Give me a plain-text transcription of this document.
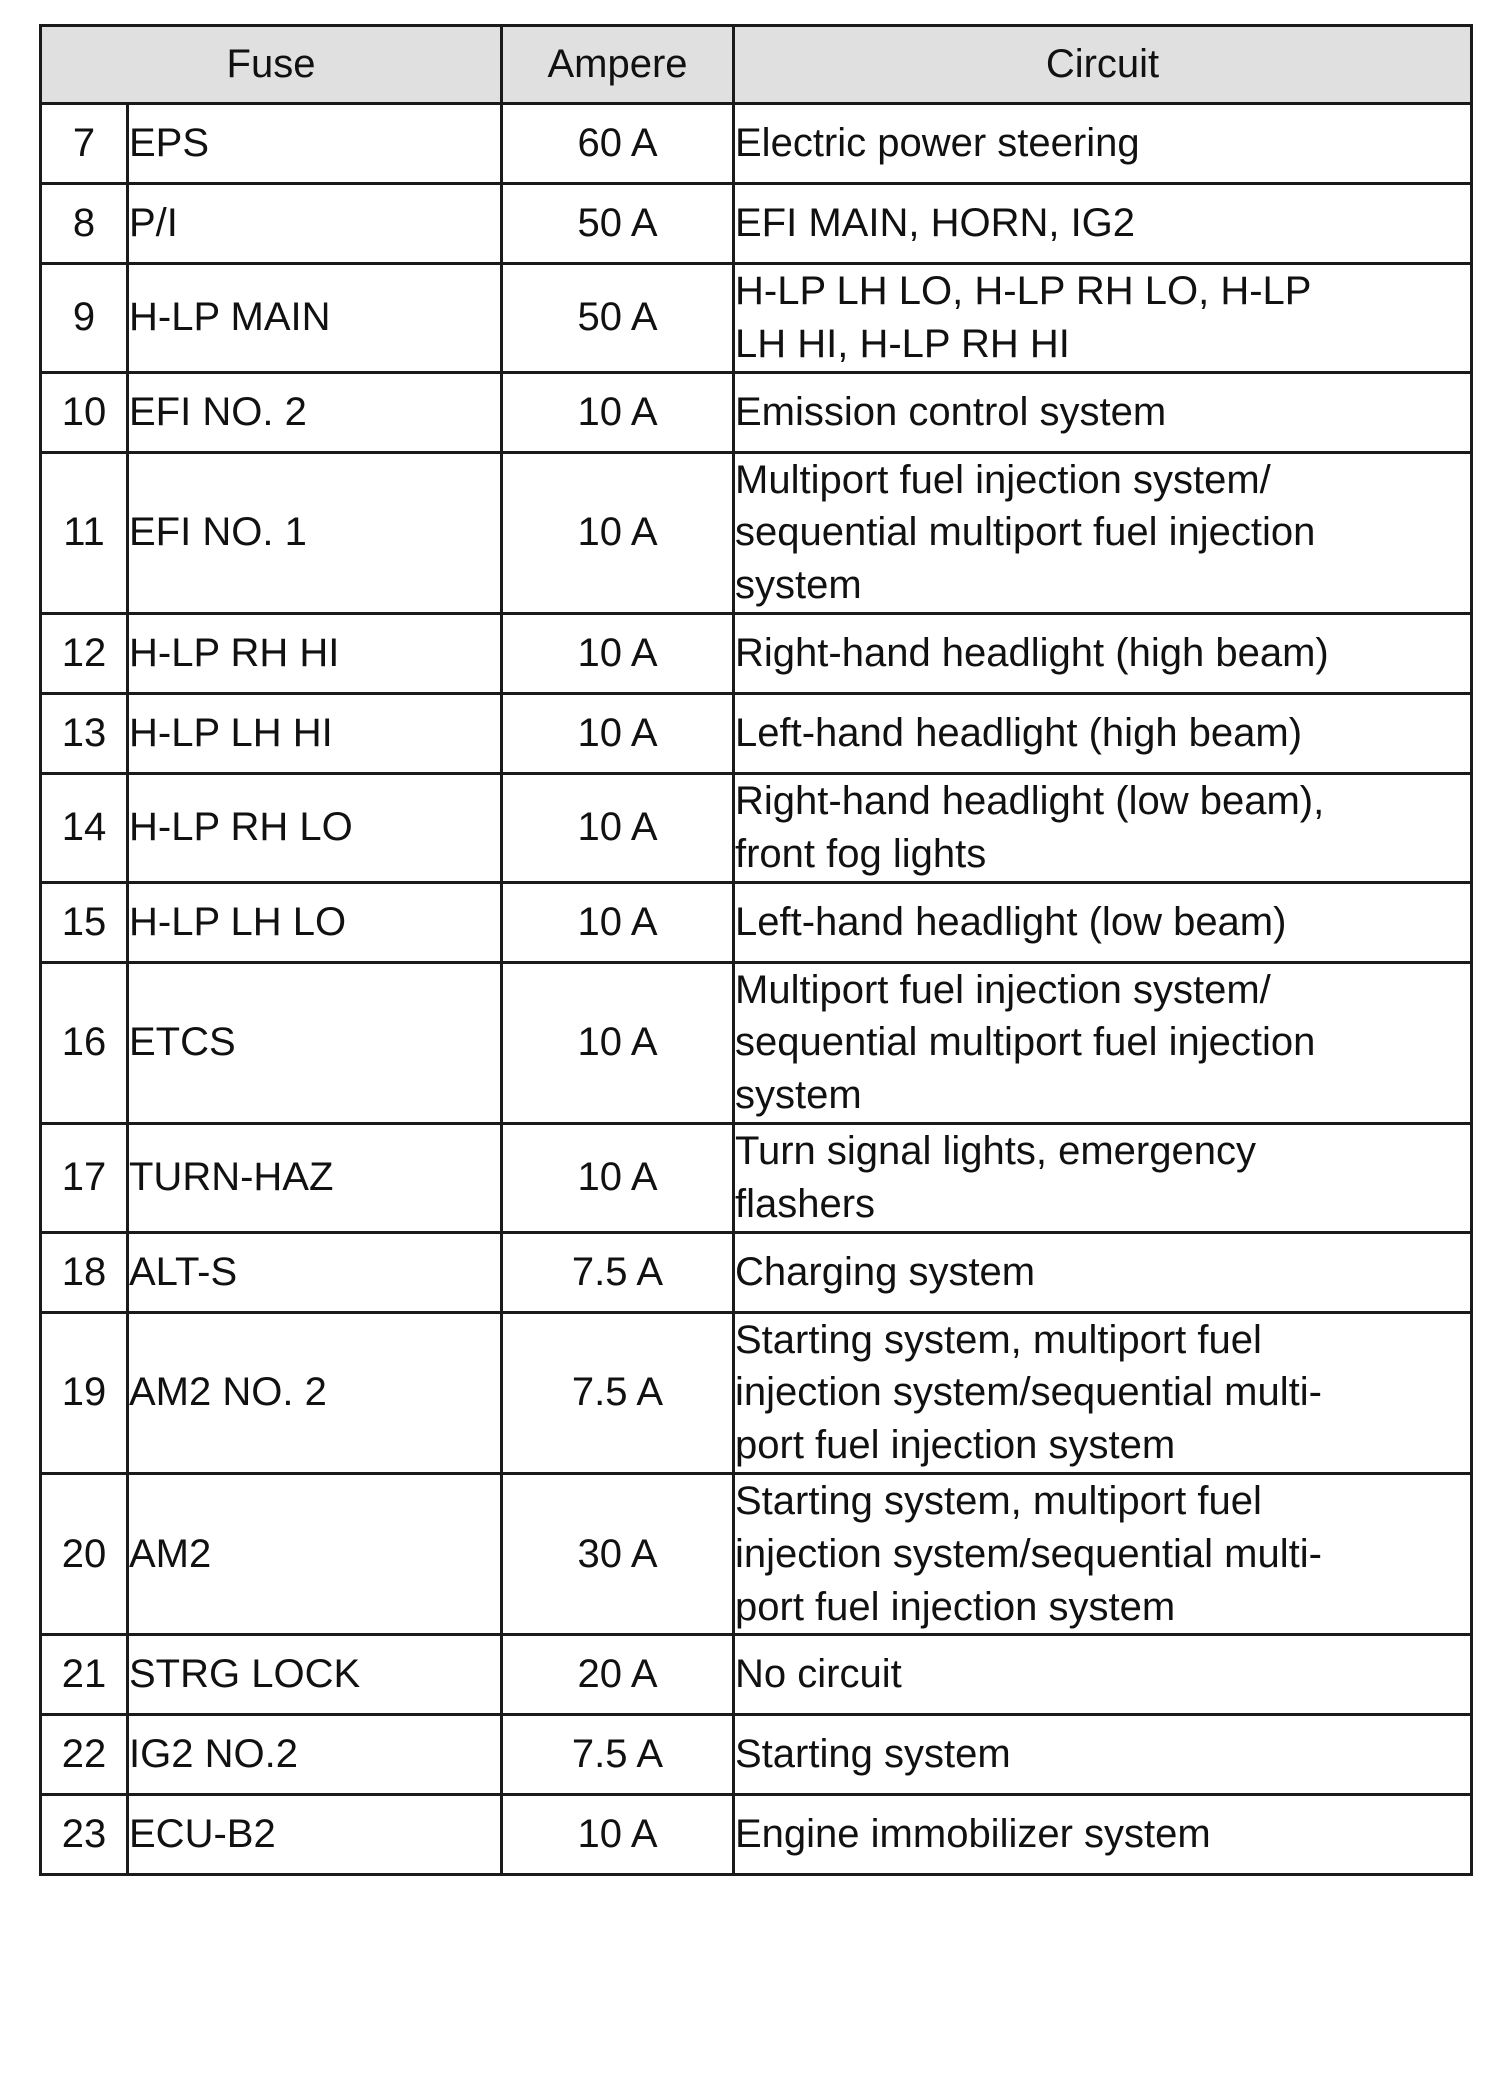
Fuse		Ampere	Circuit
7	EPS	60 A	Electric power steering

8	P/I	50 A	EFI MAIN, HORN, IG2

9	H-LP MAIN	50 A	H-LP LH LO, H-LP RH LO, H-LP
LH HI, H-LP RH HI

10	EFI NO. 2	10 A	Emission control system

11	EFI NO. 1	10 A	Multiport fuel injection system/
sequential multiport fuel injection
system

12	H-LP RH HI	10 A	Right-hand headlight (high beam)

13	H-LP LH HI	10 A	Left-hand headlight (high beam)

14	H-LP RH LO	10 A	Right-hand headlight (low beam),
front fog lights

15	H-LP LH LO	10 A	Left-hand headlight (low beam)

16	ETCS	10 A	Multiport fuel injection system/
sequential multiport fuel injection
system

17	TURN-HAZ	10 A	Turn signal lights, emergency
flashers

18	ALT-S	7.5 A	Charging system

19	AM2 NO. 2	7.5 A	Starting system, multiport fuel
injection system/sequential multi-
port fuel injection system

20	AM2	30 A	Starting system, multiport fuel
injection system/sequential multi-
port fuel injection system

21	STRG LOCK	20 A	No circuit

22	IG2 NO.2	7.5 A	Starting system

23	ECU-B2	10 A	Engine immobilizer system
